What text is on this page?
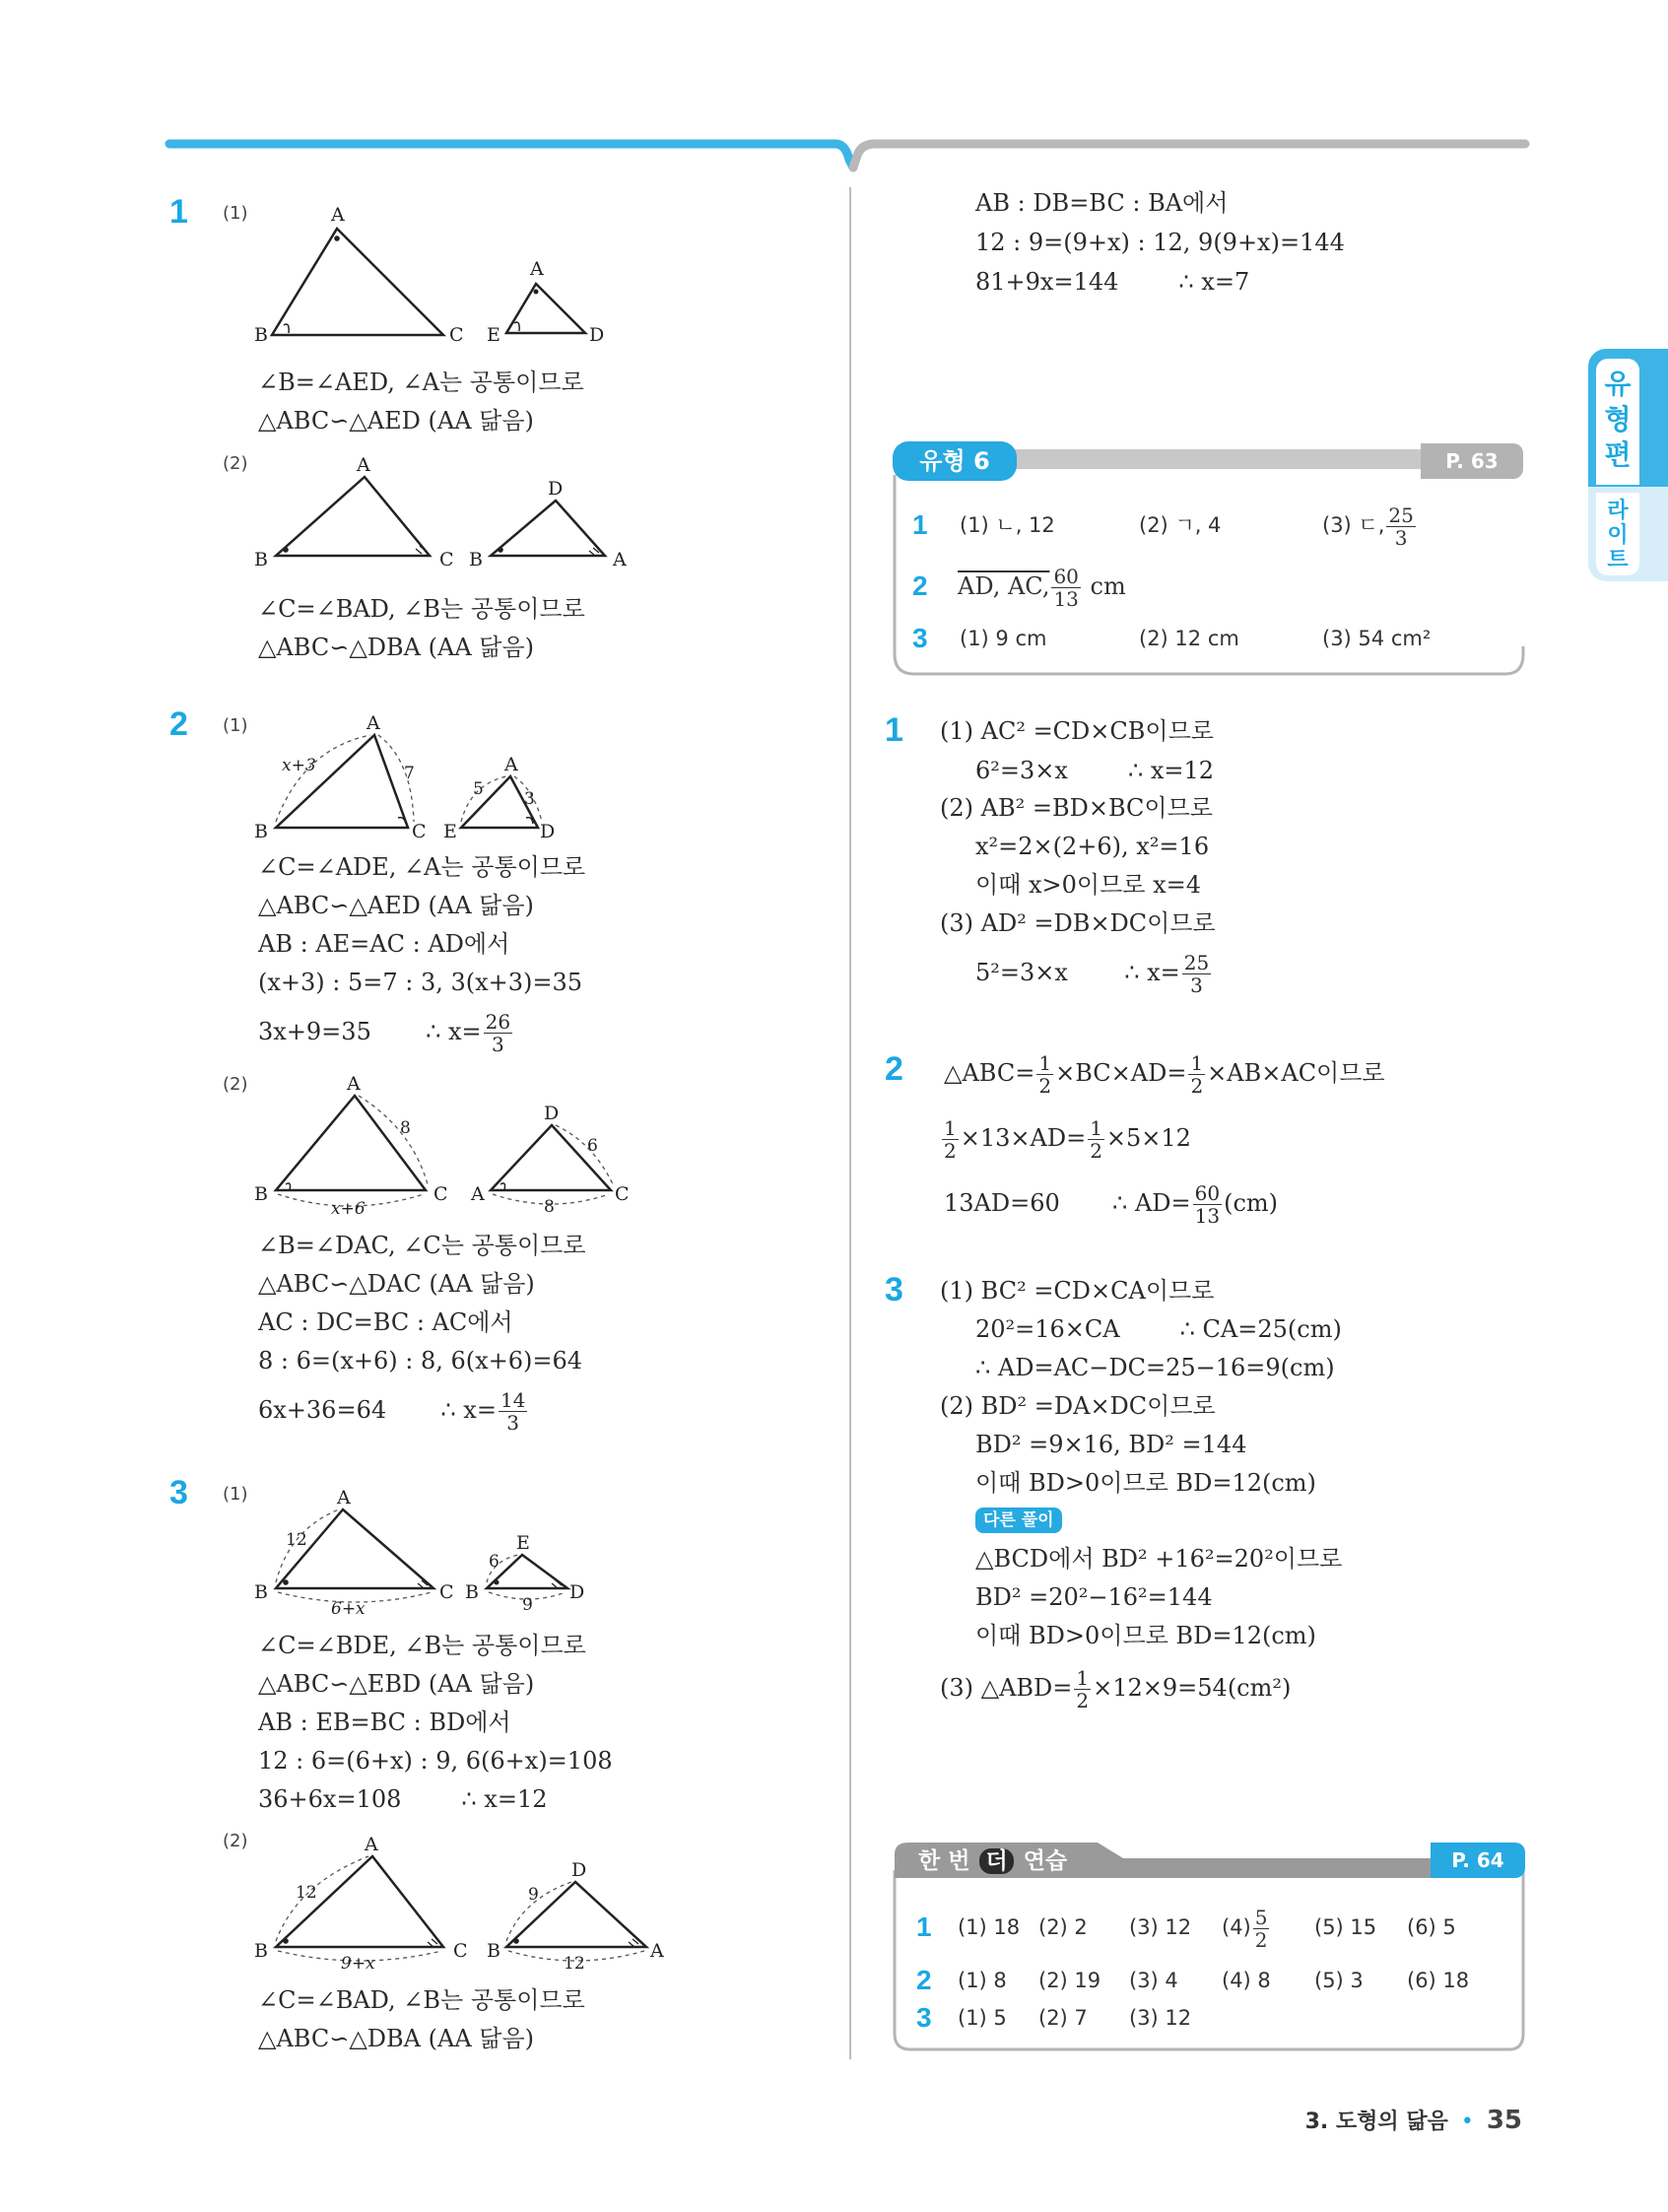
유형편
라이트
1 (1)	A
B	C
A
E	D
∠B=∠AED, ∠A는 공통이므로
△ABC∽△AED (AA 닮음)
(2)	A
B	C
D
B	A
∠C=∠BAD, ∠B는 공통이므로
△ABC∽△DBA (AA 닮음)
2 (1)	A
B	C
x+3	7	A
E	D
5 3
∠C=∠ADE, ∠A는 공통이므로
△ABC∽△AED (AA 닮음)
AB : AE=AC : AD에서
(x+3) : 5=7 : 3, 3(x+3)=35
3x+9=35 ∴ $x= \frac{26}{3}$
(2)	A
B	C
8
x+6
D
A	C
6
8
∠B=∠DAC, ∠C는 공통이므로
△ABC∽△DAC (AA 닮음)
AC : DC=BC : AC에서
8 : 6=(x+6) : 8, 6(x+6)=64
6x+36=64 ∴ $x= \frac{14}{3}$
3 (1)	A
B	C
12
6+x
E
B	D
6
9
∠C=∠BDE, ∠B는 공통이므로
△ABC∽△EBD (AA 닮음)
AB : EB=BC : BD에서
12 : 6=(6+x) : 9, 6(6+x)=108
36+6x=108        ∴ x=12
(2)	A
B	C
12
9+x
D
B	A
9
12
∠C=∠BAD, ∠B는 공통이므로
△ABC∽△DBA (AA 닮음)
AB : DB=BC : BA에서
12 : 9=(9+x) : 12, 9(9+x)=144
81+9x=144        ∴ x=7
유형 6	P. 63
1 (1) ㄴ, 12	(2) ㄱ, 4	(3) ㄷ, $\frac{25}{3}$
2 AD, AC, $\frac{60}{13}$ cm
3 (1) 9 cm	(2) 12 cm	(3) 54 cm²
1 (1) AC² =CD×CB이므로
6²=3×x        ∴ x=12
(2) AB² =BD×BC이므로
x²=2×(2+6), x²=16
이때 x>0이므로 x=4
(3) AD² =DB×DC이므로
5²=3×x ∴ $x= \frac{25}{3}$
2 △ABC= $\frac{1}{2} \times BC\times AD= \frac{1}{2} \times AB\times AC$이므로
$\frac{1}{2} \times 13\times AD= \frac{1}{2} \times 5\times 12$
13AD=60 ∴ $AD= \frac{60}{13} (cm)$
3 (1) BC² =CD×CA이므로
20²=16×CA        ∴ CA=25(cm)
∴ AD=AC−DC=25−16=9(cm)
(2) BD² =DA×DC이므로
BD² =9×16, BD² =144
이때 BD>0이므로 BD=12(cm)
다른 풀이
△BCD에서 BD² +16²=20²이므로
BD² =20²−16²=144
이때 BD>0이므로 BD=12(cm)
(3) △ABD= $\frac{1}{2} \times 12\times 9=54(cm^2)$
한 번 더 연습	P. 64
1 (1) 18 (2) 2 (3) 12 $(4) \frac{5}{2} (5)$ 15 (6) 5
2 (1) 8 (2) 19 (3) 4 (4) 8 (5) 3 (6) 18
3 (1) 5 (2) 7 (3) 12
3. 도형의 닮음 • 35
